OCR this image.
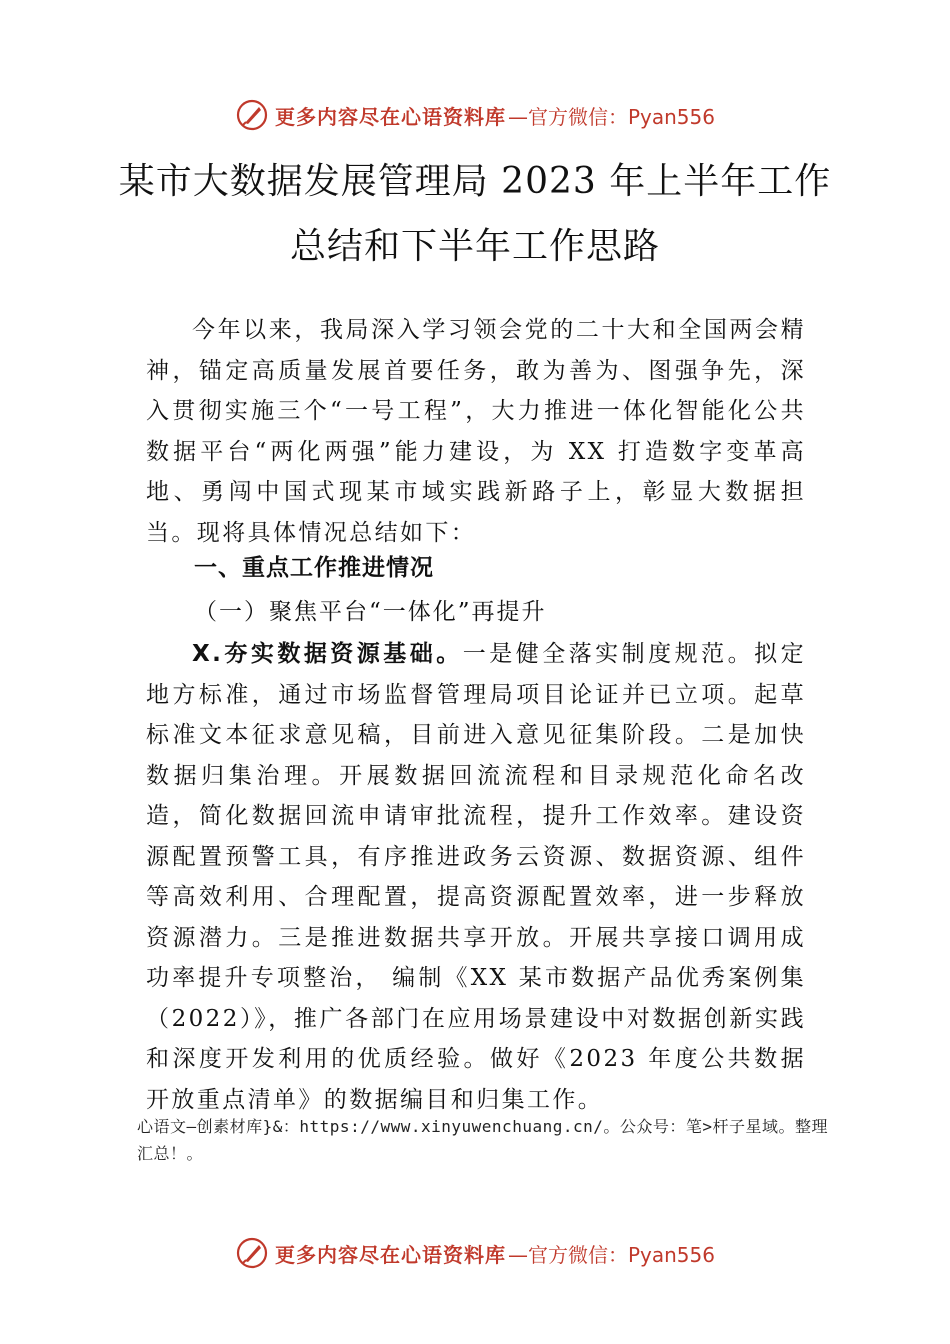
更多内容尽在心语资料库 —官方微信：Pyan556
某市大数据发展管理局 2023 年上半年工作
总结和下半年工作思路

今年以来，我局深入学习领会党的二十大和全国两会精神，锚定高质量发展首要任务，敢为善为、图强争先，深入贯彻实施三个“一号工程”，大力推进一体化智能化公共数据平台“两化两强”能力建设，为 XX 打造数字变革高地、勇闯中国式现某市域实践新路子上，彰显大数据担当。现将具体情况总结如下：

一、重点工作推进情况
（一）聚焦平台“一体化”再提升

X.夯实数据资源基础。一是健全落实制度规范。拟定地方标准，通过市场监督管理局项目论证并已立项。起草标准文本征求意见稿，目前进入意见征集阶段。二是加快数据归集治理。开展数据回流流程和目录规范化命名改造，简化数据回流申请审批流程，提升工作效率。建设资源配置预警工具，有序推进政务云资源、数据资源、组件等高效利用、合理配置，提高资源配置效率，进一步释放资源潜力。三是推进数据共享开放。开展共享接口调用成功率提升专项整治， 编制《XX 某市数据产品优秀案例集（2022）》，推广各部门在应用场景建设中对数据创新实践和深度开发利用的优质经验。做好《2023 年度公共数据开放重点清单》的数据编目和归集工作。

心语文—创素材库}&：https://www.xinyuwenchuang.cn/。公众号：笔>杆子星域。整理汇总！。
更多内容尽在心语资料库 —官方微信：Pyan556
